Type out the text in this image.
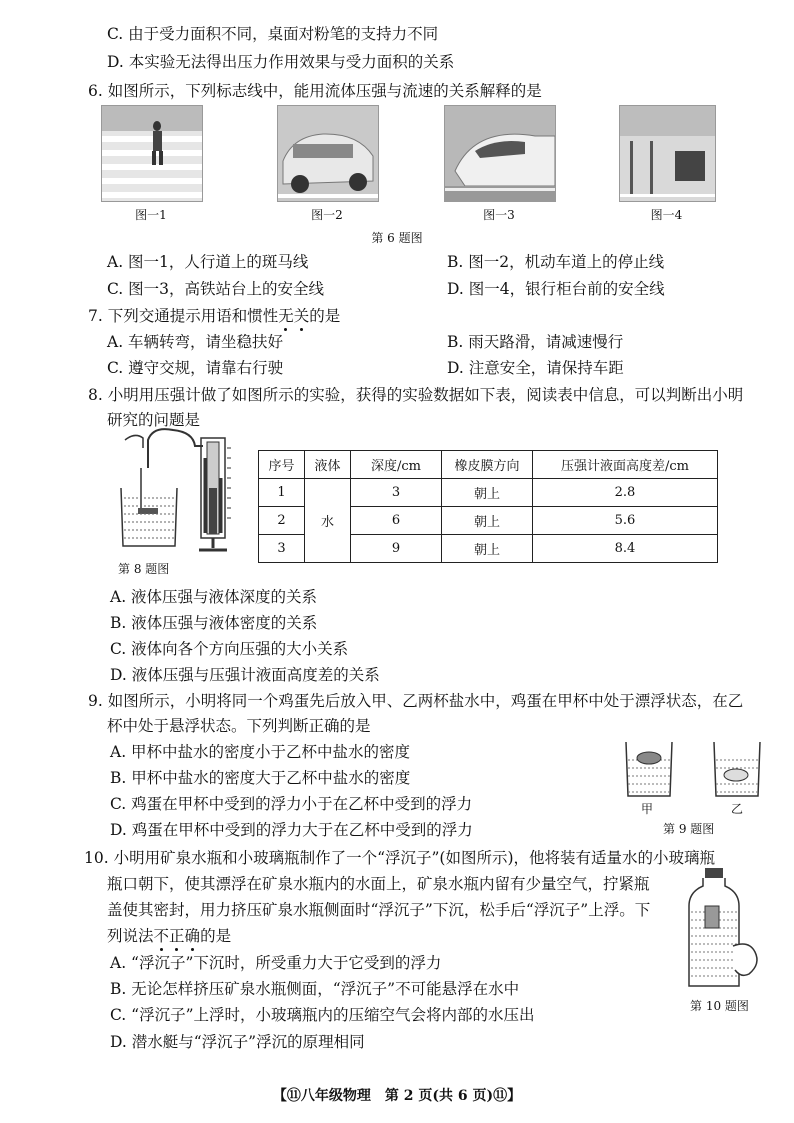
C. 由于受力面积不同，桌面对粉笔的支持力不同
D. 本实验无法得出压力作用效果与受力面积的关系
6. 如图所示，下列标志线中，能用流体压强与流速的关系解释的是
图一1	图一2	图一3	图一4
第 6 题图
A. 图一1，人行道上的斑马线	B. 图一2，机动车道上的停止线
C. 图一3，高铁站台上的安全线	D. 图一4，银行柜台前的安全线
7. 下列交通提示用语和惯性无关的是
A. 车辆转弯，请坐稳扶好	B. 雨天路滑，请减速慢行
C. 遵守交规，请靠右行驶	D. 注意安全，请保持车距
8. 小明用压强计做了如图所示的实验，获得的实验数据如下表，阅读表中信息，可以判断出小明
研究的问题是
第 8 题图
序号	液体	深度/cm	橡皮膜方向	压强计液面高度差/cm
1	水	3	朝上	2.8
2		6	朝上	5.6
3		9	朝上	8.4
A. 液体压强与液体深度的关系
B. 液体压强与液体密度的关系
C. 液体向各个方向压强的大小关系
D. 液体压强与压强计液面高度差的关系
9. 如图所示，小明将同一个鸡蛋先后放入甲、乙两杯盐水中，鸡蛋在甲杯中处于漂浮状态，在乙
杯中处于悬浮状态。下列判断正确的是
A. 甲杯中盐水的密度小于乙杯中盐水的密度
B. 甲杯中盐水的密度大于乙杯中盐水的密度
C. 鸡蛋在甲杯中受到的浮力小于在乙杯中受到的浮力
D. 鸡蛋在甲杯中受到的浮力大于在乙杯中受到的浮力
甲	乙
第 9 题图
10. 小明用矿泉水瓶和小玻璃瓶制作了一个“浮沉子”(如图所示)，他将装有适量水的小玻璃瓶
瓶口朝下，使其漂浮在矿泉水瓶内的水面上，矿泉水瓶内留有少量空气，拧紧瓶
盖使其密封，用力挤压矿泉水瓶侧面时“浮沉子”下沉，松手后“浮沉子”上浮。下
列说法不正确的是
A. “浮沉子”下沉时，所受重力大于它受到的浮力
B. 无论怎样挤压矿泉水瓶侧面，“浮沉子”不可能悬浮在水中
C. “浮沉子”上浮时，小玻璃瓶内的压缩空气会将内部的水压出
D. 潜水艇与“浮沉子”浮沉的原理相同
第 10 题图
【⑪八年级物理　第 2 页(共 6 页)⑪】
